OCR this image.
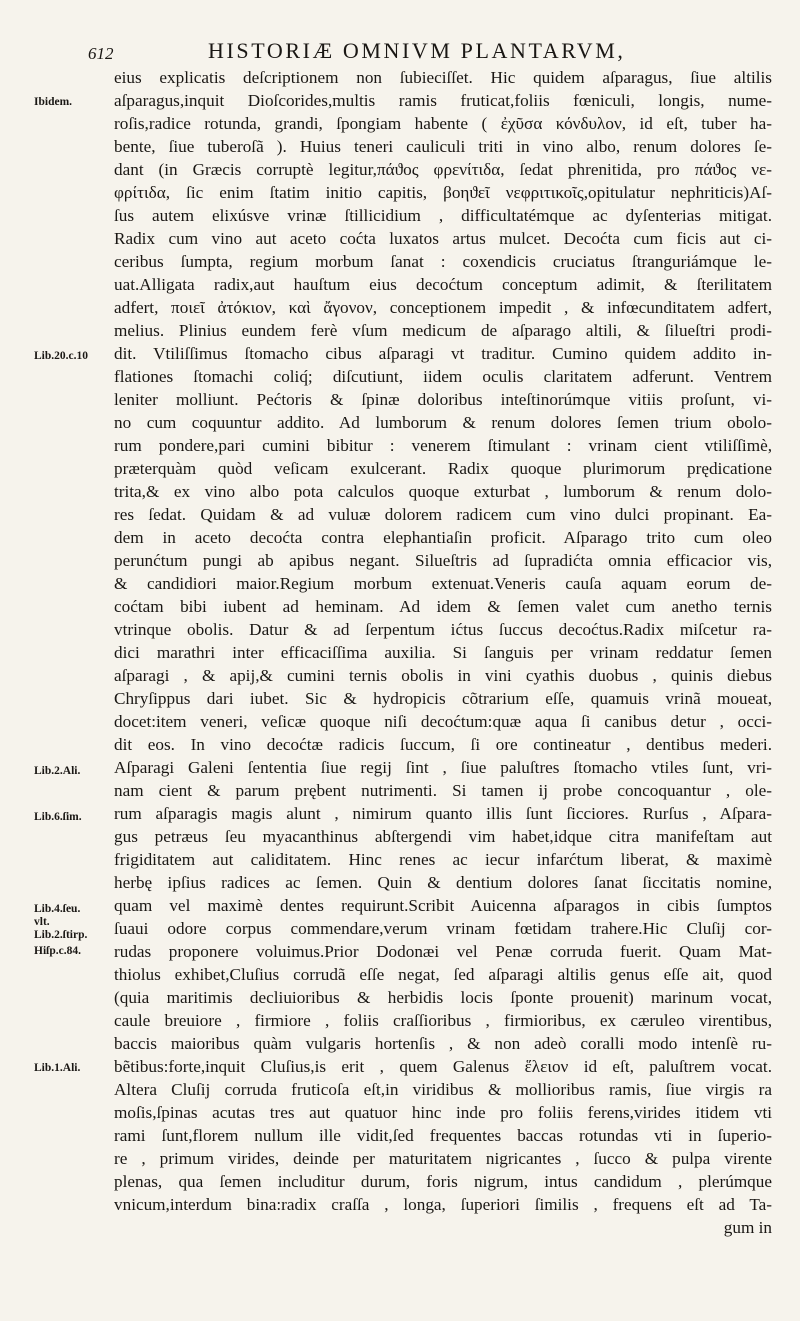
612	HISTORIÆ OMNIVM PLANTARVM,
Ibidem.
Lib.20.c.10
Lib.2.Ali.
Lib.6.ſim.
Lib.4.ſeu.
vlt.
Lib.2.ſtirp.
Hiſp.c.84.
Lib.1.Ali.
eius explicatis deſcriptionem non ſubieciſſet. Hic quidem aſparagus, ſiue altilis
aſparagus,inquit Dioſcorides,multis ramis fruticat,foliis fœniculi, longis, nume-
roſis,radice rotunda, grandi, ſpongiam habente ( ἐχῦσα κόνδυλον, id eſt, tuber ha-
bente, ſiue tuberoſã ). Huius teneri cauliculi triti in vino albo, renum dolores ſe-
dant (in Græcis corruptè legitur,πάϑος φρενίτιδα, ſedat phrenitida, pro πάϑος νε-
φρίτιδα, ſic enim ſtatim initio capitis, βοηϑεῖ νεφριτικοῖς,opitulatur nephriticis)Aſ-
ſus autem elixúsve vrinæ ſtillicidium , difficultatémque ac dyſenterias mitigat.
Radix cum vino aut aceto coćta luxatos artus mulcet. Decoćta cum ficis aut ci-
ceribus ſumpta, regium morbum ſanat : coxendicis cruciatus ſtranguriámque le-
uat.Alligata radix,aut hauſtum eius decoćtum conceptum adimit, & ſterilitatem
adfert, ποιεῖ ἀτόκιον, καὶ ἄγονον, conceptionem impedit , & infœcunditatem adfert,
melius. Plinius eundem ferè vſum medicum de aſparago altili, & ſilueſtri prodi-
dit. Vtiliſſimus ſtomacho cibus aſparagi vt traditur. Cumino quidem addito in-
flationes ſtomachi coliq́; diſcutiunt, iidem oculis claritatem adferunt. Ventrem
leniter molliunt. Pećtoris & ſpinæ doloribus inteſtinorúmque vitiis proſunt, vi-
no cum coquuntur addito. Ad lumborum & renum dolores ſemen trium obolo-
rum pondere,pari cumini bibitur : venerem ſtimulant : vrinam cient vtiliſſimè,
præterquàm quòd veſicam exulcerant. Radix quoque plurimorum prędicatione
trita,& ex vino albo pota calculos quoque exturbat , lumborum & renum dolo-
res ſedat. Quidam & ad vuluæ dolorem radicem cum vino dulci propinant. Ea-
dem in aceto decoćta contra elephantiaſin proficit. Aſparago trito cum oleo
perunćtum pungi ab apibus negant. Silueſtris ad ſupradićta omnia efficacior vis,
& candidiori maior.Regium morbum extenuat.Veneris cauſa aquam eorum de-
coćtam bibi iubent ad heminam. Ad idem & ſemen valet cum anetho ternis
vtrinque obolis. Datur & ad ſerpentum ićtus ſuccus decoćtus.Radix miſcetur ra-
dici marathri inter efficaciſſima auxilia. Si ſanguis per vrinam reddatur ſemen
aſparagi , & apij,& cumini ternis obolis in vini cyathis duobus , quinis diebus
Chryſippus dari iubet. Sic & hydropicis cõtrarium eſſe, quamuis vrinã moueat,
docet:item veneri, veſicæ quoque niſi decoćtum:quæ aqua ſi canibus detur , occi-
dit eos. In vino decoćtæ radicis ſuccum, ſi ore contineatur , dentibus mederi.
Aſparagi Galeni ſententia ſiue regij ſint , ſiue paluſtres ſtomacho vtiles ſunt, vri-
nam cient & parum prębent nutrimenti. Si tamen ij probe concoquantur , ole-
rum aſparagis magis alunt , nimirum quanto illis ſunt ſicciores. Rurſus , Aſpara-
gus petræus ſeu myacanthinus abſtergendi vim habet,idque citra manifeſtam aut
frigiditatem aut caliditatem. Hinc renes ac iecur infarćtum liberat, & maximè
herbę ipſius radices ac ſemen. Quin & dentium dolores ſanat ſiccitatis nomine,
quam vel maximè dentes requirunt.Scribit Auicenna aſparagos in cibis ſumptos
ſuaui odore corpus commendare,verum vrinam fœtidam trahere.Hic Cluſij cor-
rudas proponere voluimus.Prior Dodonæi vel Penæ corruda fuerit. Quam Mat-
thiolus exhibet,Cluſius corrudã eſſe negat, ſed aſparagi altilis genus eſſe ait, quod
(quia maritimis decliuioribus & herbidis locis ſponte prouenit) marinum vocat,
caule breuiore , firmiore , foliis craſſioribus , firmioribus, ex cæruleo virentibus,
baccis maioribus quàm vulgaris hortenſis , & non adeò coralli modo intenſè ru-
bẽtibus:forte,inquit Cluſius,is erit , quem Galenus ἕλειον id eſt, paluſtrem vocat.
Altera Cluſij corruda fruticoſa eſt,in viridibus & mollioribus ramis, ſiue virgis ra
moſis,ſpinas acutas tres aut quatuor hinc inde pro foliis ferens,virides itidem vti
rami ſunt,florem nullum ille vidit,ſed frequentes baccas rotundas vti in ſuperio-
re , primum virides, deinde per maturitatem nigricantes , ſucco & pulpa virente
plenas, qua ſemen includitur durum, foris nigrum, intus candidum , plerúmque
vnicum,interdum bina:radix craſſa , longa, ſuperiori ſimilis , frequens eſt ad Ta-
gum in
